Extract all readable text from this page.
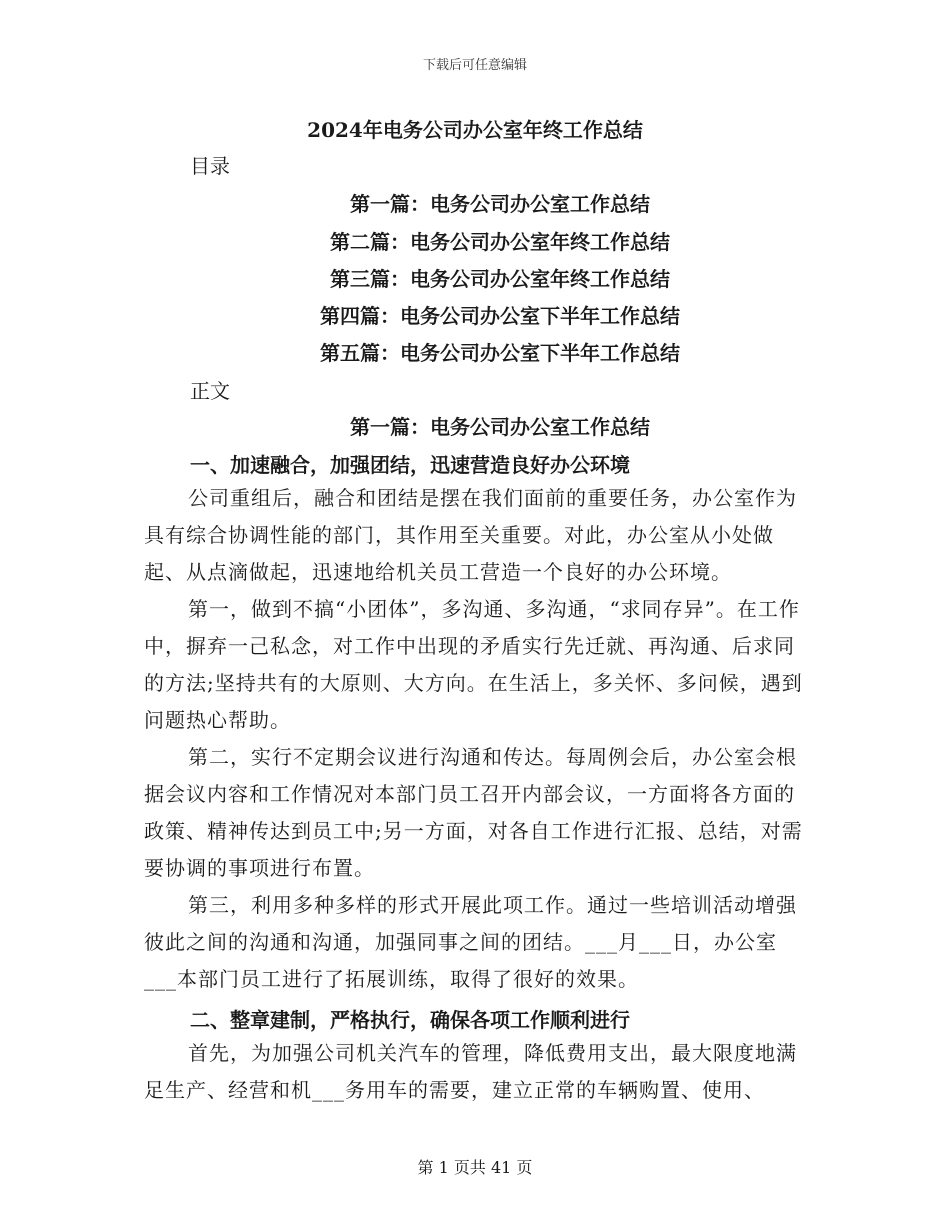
下载后可任意编辑
2024年电务公司办公室年终工作总结
目录
第一篇：电务公司办公室工作总结
第二篇：电务公司办公室年终工作总结
第三篇：电务公司办公室年终工作总结
第四篇：电务公司办公室下半年工作总结
第五篇：电务公司办公室下半年工作总结
正文
第一篇：电务公司办公室工作总结
一、加速融合，加强团结，迅速营造良好办公环境
公司重组后，融合和团结是摆在我们面前的重要任务，办公室作为具有综合协调性能的部门，其作用至关重要。对此，办公室从小处做起、从点滴做起，迅速地给机关员工营造一个良好的办公环境。
第一，做到不搞“小团体”，多沟通、多沟通，“求同存异”。在工作中，摒弃一己私念，对工作中出现的矛盾实行先迁就、再沟通、后求同的方法;坚持共有的大原则、大方向。在生活上，多关怀、多问候，遇到问题热心帮助。
第二，实行不定期会议进行沟通和传达。每周例会后，办公室会根据会议内容和工作情况对本部门员工召开内部会议，一方面将各方面的政策、精神传达到员工中;另一方面，对各自工作进行汇报、总结，对需要协调的事项进行布置。
第三，利用多种多样的形式开展此项工作。通过一些培训活动增强彼此之间的沟通和沟通，加强同事之间的团结。___月___日，办公室___本部门员工进行了拓展训练，取得了很好的效果。
二、整章建制，严格执行，确保各项工作顺利进行
首先，为加强公司机关汽车的管理，降低费用支出，最大限度地满足生产、经营和机___务用车的需要，建立正常的车辆购置、使用、
第 1 页共 41 页
